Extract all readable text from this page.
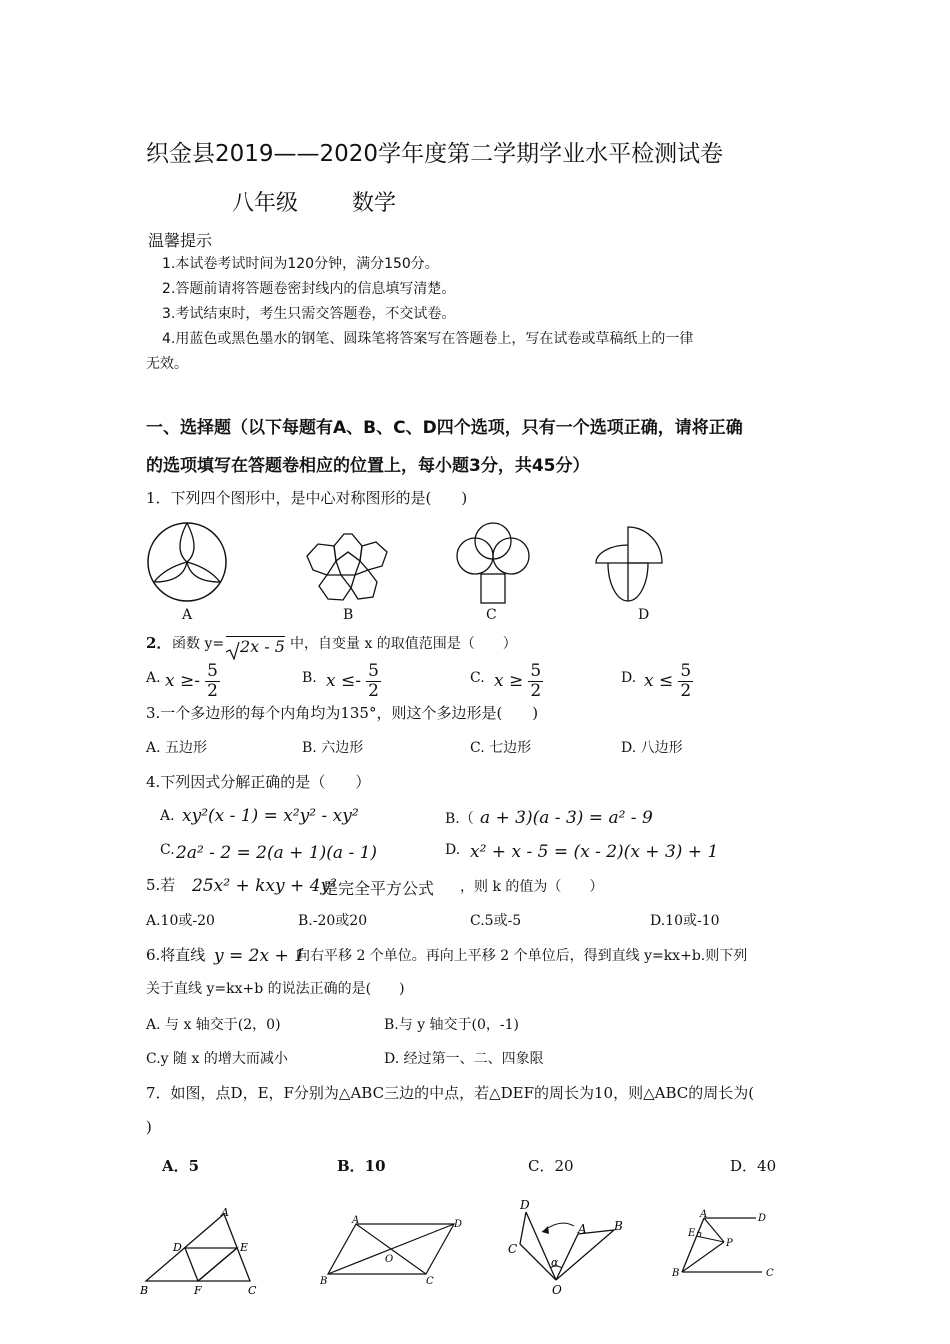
织金县2019——2020学年度第二学期学业水平检测试卷
八年级 数学
温馨提示
1.本试卷考试时间为120分钟，满分150分。
2.答题前请将答题卷密封线内的信息填写清楚。
3.考试结束时，考生只需交答题卷，不交试卷。
4.用蓝色或黑色墨水的钢笔、圆珠笔将答案写在答题卷上，写在试卷或草稿纸上的一律
无效。
一、选择题（以下每题有A、B、C、D四个选项，只有一个选项正确，请将正确
的选项填写在答题卷相应的位置上，每小题3分，共45分）
1．下列四个图形中，是中心对称图形的是(　　)
A	B	C	D
2． 函数 y= 2x - 5 中，自变量 x 的取值范围是（　　）
A. $x \ge- \frac{5}{2}$	B. $x \le- \frac{5}{2}$	C. $x \ge \frac{5}{2}$	D. $x \le \frac{5}{2}$
3.一个多边形的每个内角均为135°，则这个多边形是(　　)
A. 五边形	B. 六边形	C. 七边形	D. 八边形
4.下列因式分解正确的是（　　）
A. xy²(x - 1) = x²y² - xy²	B.（ a + 3)(a - 3) = a² - 9
C. 2a² - 2 = 2(a + 1)(a - 1)	D. x² + x - 5 = (x - 2)(x + 3) + 1
5.若 25x² + kxy + 4y²
是完全平方公式 ，则 k 的值为（　　）
A.10或-20	B.-20或20	C.5或-5	D.10或-10
6.将直线 y = 2x + 1
向右平移 2 个单位。再向上平移 2 个单位后，得到直线 y=kx+b.则下列
关于直线 y=kx+b 的说法正确的是(　　)
A. 与 x 轴交于(2，0)	B.与 y 轴交于(0，-1)
C.y 随 x 的增大而减小	D. 经过第一、二、四象限
7．如图，点D，E，F分别为△ABC三边的中点，若△DEF的周长为10，则△ABC的周长为(
)
A．5	B．10	C．20	D．40
A
B	C
D	E
F
A	D
B	C
O
D
C
A B
O
α
A	D
E
P
B	C
